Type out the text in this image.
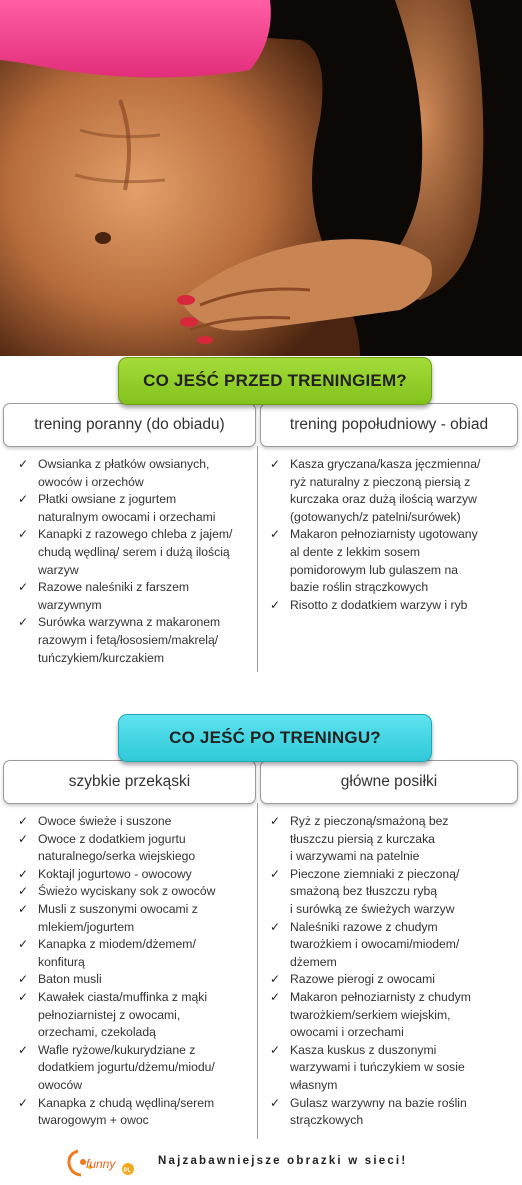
CO JEŚĆ PRZED TRENINGIEM?
trening poranny (do obiadu)	trening popołudniowy - obiad
✓ Owsianka z płatków owsianych,
owoców i orzechów
✓ Płatki owsiane z jogurtem
naturalnym owocami i orzechami
✓ Kanapki z razowego chleba z jajem/
chudą wędliną/ serem i dużą ilością
warzyw
✓ Razowe naleśniki z farszem
warzywnym
✓ Surówka warzywna z makaronem
razowym i fetą/łososiem/makrelą/
tuńczykiem/kurczakiem
✓ Kasza gryczana/kasza jęczmienna/
ryż naturalny z pieczoną piersią z
kurczaka oraz dużą ilością warzyw
(gotowanych/z patelni/surówek)
✓ Makaron pełnoziarnisty ugotowany
al dente z lekkim sosem
pomidorowym lub gulaszem na
bazie roślin strączkowych
✓ Risotto z dodatkiem warzyw i ryb
CO JEŚĆ PO TRENINGU?
szybkie przekąski	główne posiłki
✓ Owoce świeże i suszone
✓ Owoce z dodatkiem jogurtu
naturalnego/serka wiejskiego
✓ Koktajl jogurtowo - owocowy
✓ Świeżo wyciskany sok z owoców
✓ Musli z suszonymi owocami z
mlekiem/jogurtem
✓ Kanapka z miodem/dżemem/
konfiturą
✓ Baton musli
✓ Kawałek ciasta/muffinka z mąki
pełnoziarnistej z owocami,
orzechami, czekoladą
✓ Wafle ryżowe/kukurydziane z
dodatkiem jogurtu/dżemu/miodu/
owoców
✓ Kanapka z chudą wędliną/serem
twarogowym + owoc
✓ Ryż z pieczoną/smażoną bez
tłuszczu piersią z kurczaka
i warzywami na patelnie
✓ Pieczone ziemniaki z pieczoną/
smażoną bez tłuszczu rybą
i surówką ze świeżych warzyw
✓ Naleśniki razowe z chudym
twarożkiem i owocami/miodem/
dżemem
✓ Razowe pierogi z owocami
✓ Makaron pełnoziarnisty z chudym
twarożkiem/serkiem wiejskim,
owocami i orzechami
✓ Kasza kuskus z duszonymi
warzywami i tuńczykiem w sosie
własnym
✓ Gulasz warzywny na bazie roślin
strączkowych
funny PL
Najzabawniejsze obrazki w sieci!
